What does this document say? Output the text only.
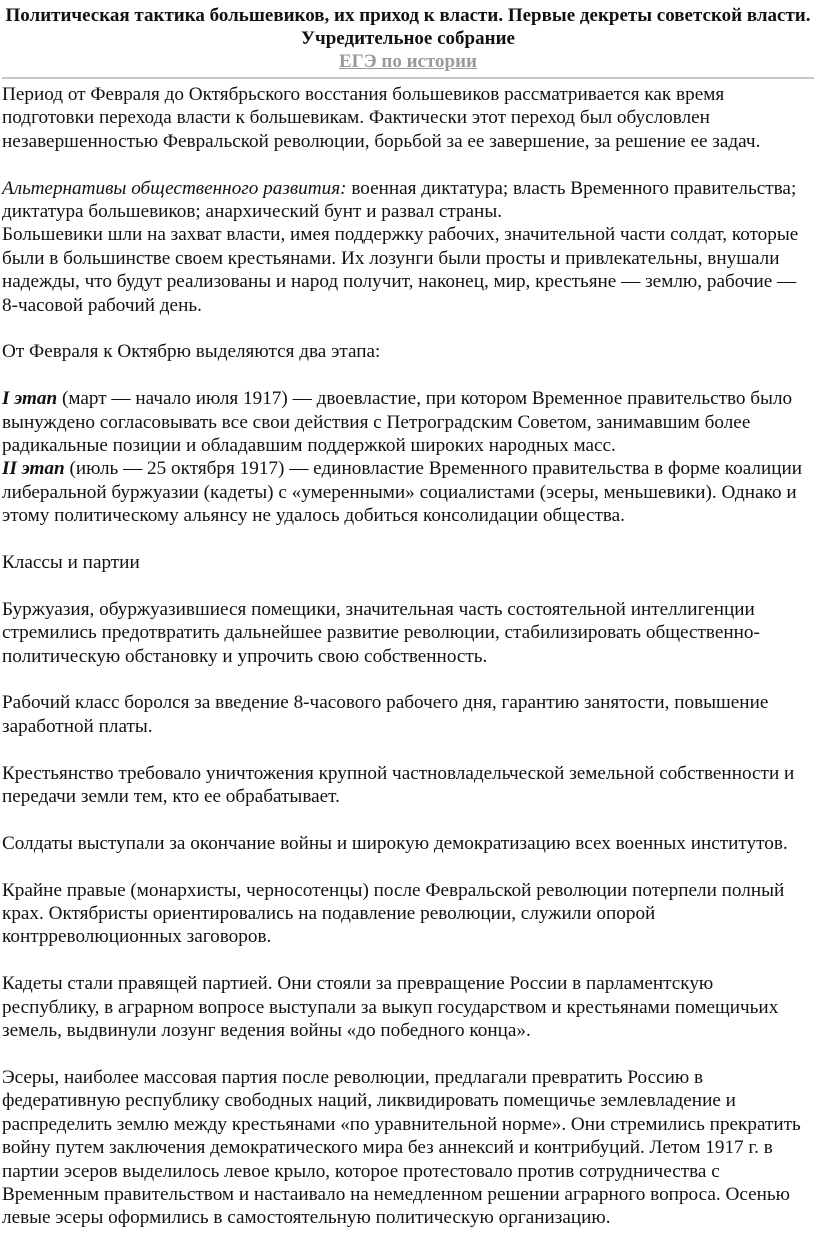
Политическая тактика большевиков, их приход к власти. Первые декреты советской власти. Учредительное собрание
ЕГЭ по истории

Период от Февраля до Октябрьского восстания большевиков рассматривается как время подготовки перехода власти к большевикам. Фактически этот переход был обусловлен незавершенностью Февральской революции, борьбой за ее завершение, за решение ее задач.

Альтернативы общественного развития: военная диктатура; власть Временного правительства; диктатура большевиков; анархический бунт и развал страны.

Большевики шли на захват власти, имея поддержку рабочих, значительной части солдат, которые были в большинстве своем крестьянами. Их лозунги были просты и привлекательны, внушали надежды, что будут реализованы и народ получит, наконец, мир, крестьяне — землю, рабочие — 8-часовой рабочий день.

От Февраля к Октябрю выделяются два этапа:

I этап (март — начало июля 1917) — двоевластие, при котором Временное правительство было вынуждено согласовывать все свои действия с Петроградским Советом, занимавшим более радикальные позиции и обладавшим поддержкой широких народных масс.

II этап (июль — 25 октября 1917) — единовластие Временного правительства в форме коалиции либеральной буржуазии (кадеты) с «умеренными» социалистами (эсеры, меньшевики). Однако и этому политическому альянсу не удалось добиться консолидации общества.

Классы и партии

Буржуазия, обуржуазившиеся помещики, значительная часть состоятельной интеллигенции стремились предотвратить дальнейшее развитие революции, стабилизировать общественно-политическую обстановку и упрочить свою собственность.

Рабочий класс боролся за введение 8-часового рабочего дня, гарантию занятости, повышение заработной платы.

Крестьянство требовало уничтожения крупной частновладельческой земельной собственности и передачи земли тем, кто ее обрабатывает.

Солдаты выступали за окончание войны и широкую демократизацию всех военных институтов.

Крайне правые (монархисты, черносотенцы) после Февральской революции потерпели полный крах. Октябристы ориентировались на подавление революции, служили опорой контрреволюционных заговоров.

Кадеты стали правящей партией. Они стояли за превращение России в парламентскую республику, в аграрном вопросе выступали за выкуп государством и крестьянами помещичьих земель, выдвинули лозунг ведения войны «до победного конца».

Эсеры, наиболее массовая партия после революции, предлагали превратить Россию в федеративную республику свободных наций, ликвидировать помещичье землевладение и распределить землю между крестьянами «по уравнительной норме». Они стремились прекратить войну путем заключения демократического мира без аннексий и контрибуций. Летом 1917 г. в партии эсеров выделилось левое крыло, которое протестовало против сотрудничества с Временным правительством и настаивало на немедленном решении аграрного вопроса. Осенью левые эсеры оформились в самостоятельную политическую организацию.
